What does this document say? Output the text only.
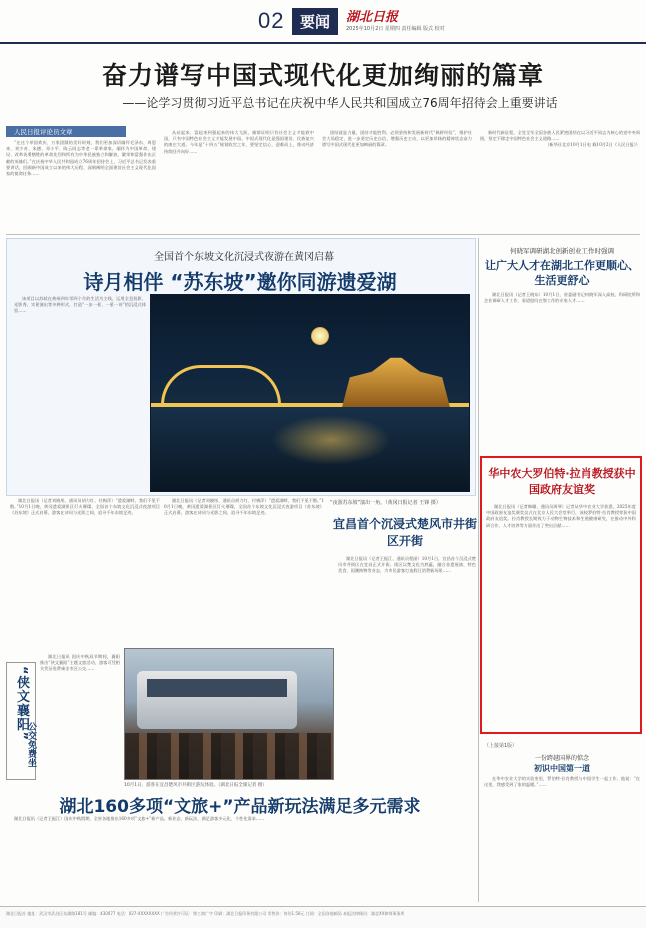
02	要闻	湖北日报
2025年10月2日 星期四 责任编辑 版式 校对
奋力谱写中国式现代化更加绚丽的篇章
——论学习贯彻习近平总书记在庆祝中华人民共和国成立76周年招待会上重要讲话
人民日报评论员文章

“在这个举国欢庆、万家团圆的美好时刻，我们更加深切缅怀毛泽东、周恩来、刘少奇、朱德、邓小平、陈云同志等老一辈革命家，缅怀为中国革命、建设、改革英勇牺牲的革命先烈和所有为中华民族独立和解放、繁荣和富强作出贡献的英雄们。”在庆祝中华人民共和国成立76周年招待会上，习近平总书记发表重要讲话，回顾新中国成立以来的伟大历程，深刻阐明全面建设社会主义现代化国家的使命任务……

从站起来、富起来到强起来的伟大飞跃，雄辩证明只有社会主义才能救中国，只有中国特色社会主义才能发展中国。中国式现代化是强国建设、民族复兴的康庄大道。今年是“十四五”规划收官之年，要坚定信心、迎难而上，推动经济持续回升向好……

团结就是力量，团结才能胜利。必须坚持和发展新时代“枫桥经验”，维护社会大局稳定，进一步坚定历史自信、增强历史主动，以更加昂扬的精神状态奋力谱写中国式现代化更加绚丽的篇章。

新时代新征程，全党全军全国各族人民紧密团结在以习近平同志为核心的党中央周围，坚定不移走中国特色社会主义道路……

（新华社北京10月1日电 载10月2日《人民日报》）

全国首个东坡文化沉浸式夜游在黄冈启幕
诗月相伴 “苏东坡”邀你同游遗爱湖

湖北日报讯（记者刘晓彤、通讯员胡力红、付梅萍）“遗爱湖畔，我们不见不散。”10月1日晚，黄冈遗爱湖景区灯火璀璨，全国首个东坡文化沉浸式夜游项目《苏东坡》正式启幕，游客在诗词与光影之间，追寻千年东坡足迹。

该项目以苏轼在黄州四年零四个月的生活为主线，运用全息投影、光影秀、实景演出等多种形式，打造“一步一景、一景一诗”的沉浸式体验……

“夜游苏东坡”演出一角。（黄冈日报记者 王锋 摄）

湖北日报讯（记者刘晓彤、通讯员胡力红、付梅萍）“遗爱湖畔，我们不见不散。”10月1日晚，黄冈遗爱湖景区灯火璀璨，全国首个东坡文化沉浸式夜游项目《苏东坡》正式启幕，游客在诗词与光影之间，追寻千年东坡足迹。

宜昌首个沉浸式楚风市井街区开街

湖北日报讯（记者王振江、通讯员程丽）10月1日，宜昌首个沉浸式楚风市井街区在宜昌正式开街。街区以楚文化为底蕴，融合非遗展演、特色美食、国潮购物等业态，为市民游客打造假日消费新场景……

“侠文襄阳”
公交免费坐

湖北日报讯 国庆中秋双节期间，襄阳推出“侠文襄阳”主题文旅活动，游客可凭相关凭证免费乘坐市区公交……

10月1日，游客在宜昌楚风市井街区游玩体验。（湖北日报全媒记者 摄）
湖北160多项“文旅+”产品新玩法满足多元需求

湖北日报讯（记者王振江）国庆中秋假期，全省各地推出160多项“文旅+”新产品、新业态、新玩法，满足游客多元化、个性化需求……

何晓军调研湖北创新创业工作时强调
让广大人才在湖北工作更顺心、生活更舒心

湖北日报讯（记者王晓东）10月1日，省委副书记何晓军深入高校、科研院所和企业调研人才工作，看望慰问在鄂工作的专家人才……

华中农大罗伯特·拉肖教授获中国政府友谊奖

湖北日报讯（记者韩璐、通讯员周琴）记者从华中农业大学获悉，2025年度中国政府友谊奖颁奖仪式在北京人民大会堂举行，该校罗伯特·拉肖教授荣获中国政府友谊奖。拉肖教授长期致力于动物生物技术和生殖健康研究，在推动中外科研合作、人才培养等方面作出了突出贡献……

（上接第1版）
一份跨越国界的惦念
初识中国第一道

在华中农业大学的实验室里，罗伯特·拉肖教授与中国学生一起工作，他说：“在这里，我感受到了家的温暖。”……

湖北日报社 地址：武汉市武昌区东湖路181号 邮编：430077 电话：027-XXXXXXXX 广告经营许可证：鄂工商广字 印刷：湖北日报印务有限公司 零售价：每份1.50元 订阅：全国各地邮局 本报法律顾问：湖北XX律师事务所
